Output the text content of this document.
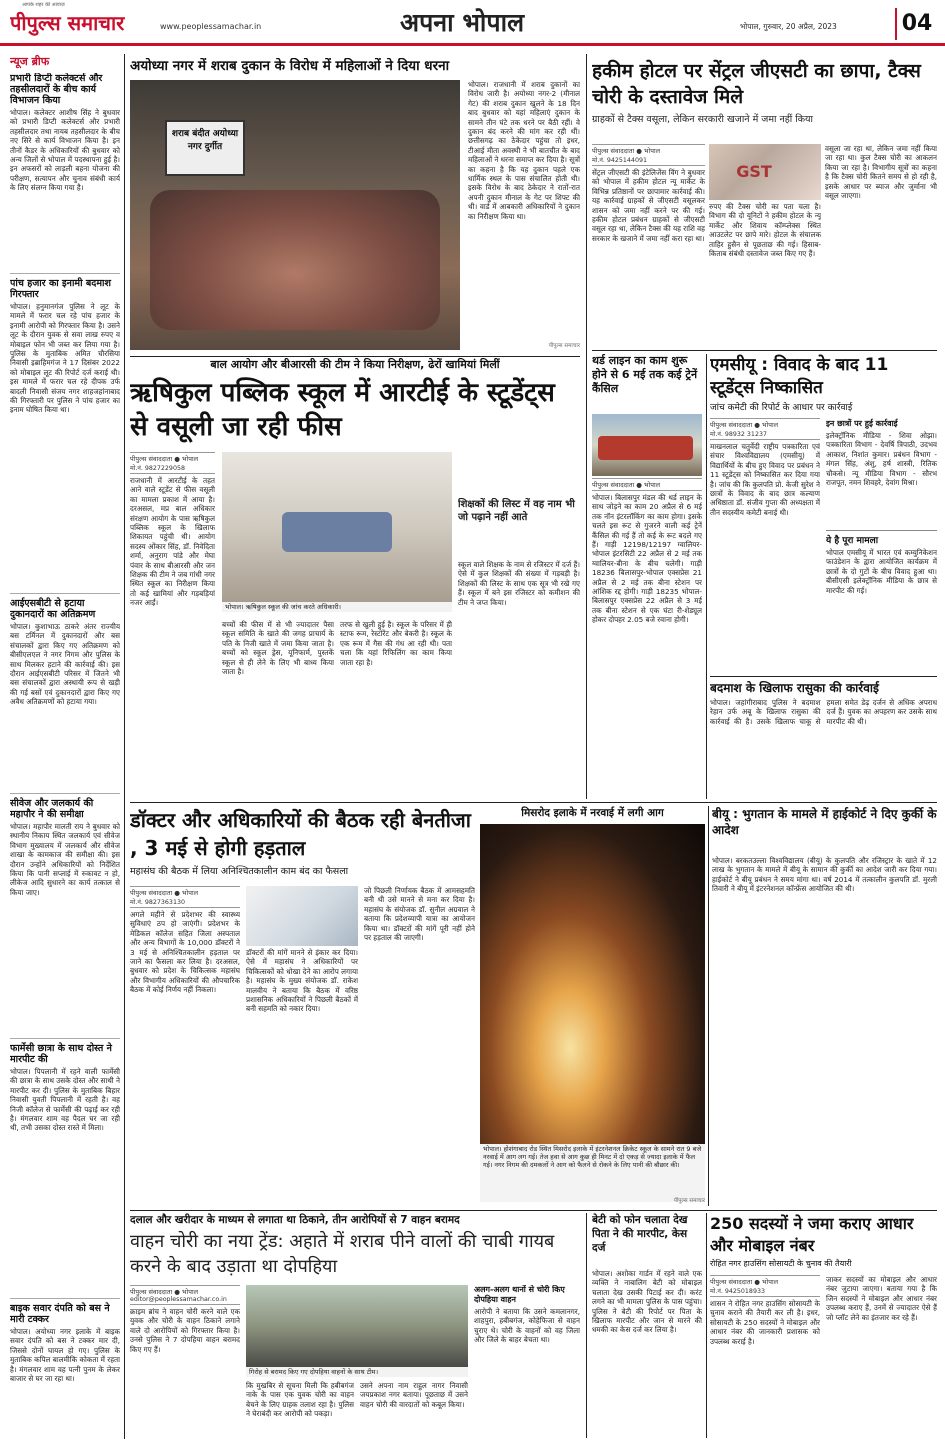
आपके शहर की आवाज़
पीपुल्स समाचार	www.peoplessamachar.in	अपना भोपाल	भोपाल, गुरुवार, 20 अप्रैल, 2023	04
न्यूज ब्रीफ
प्रभारी डिप्टी कलेक्टर्स और तहसीलदारों के बीच कार्य विभाजन किया
भोपाल। कलेक्टर आशीष सिंह ने बुधवार को प्रभारी डिप्टी कलेक्टर्स और प्रभारी तहसीलदार तथा नायब तहसीलदार के बीच नए सिरे से कार्य विभाजन किया है। इन तीनों कैडर के अधिकारियों की बुधवार को अन्य जिलों से भोपाल में पदस्थापना हुई है। इन अफसरों को लाड़ली बहना योजना की परीक्षण, सत्यापन और चुनाव संबंधी कार्य के लिए संलग्न किया गया है।
पांच हजार का इनामी बदमाश गिरफ्तार
भोपाल। हनुमानगंज पुलिस ने लूट के मामले में फरार चल रहे पांच हजार के इनामी आरोपी को गिरफ्तार किया है। उसने लूट के दौरान युवक से सवा लाख रुपए व मोबाइल फोन भी जब्त कर लिया गया है। पुलिस के मुताबिक अमित चौरसिया निवासी इब्राहिमगंज ने 17 दिसंबर 2022 को मोबाइल लूट की रिपोर्ट दर्ज कराई थी। इस मामले में फरार चल रहे दीपक उर्फ बादली निवासी संजय नगर शाहजहांनाबाद की गिरफ्तारी पर पुलिस ने पांच हजार का इनाम घोषित किया था।
आईएसबीटी से हटाया दुकानदारों का अतिक्रमण
भोपाल। कुशाभाऊ ठाकरे अंतर राज्यीय बस टर्मिनल में दुकानदारों और बस संचालकों द्वारा किए गए अतिक्रमण को बीसीएलएल ने नगर निगम और पुलिस के साथ मिलकर हटाने की कार्रवाई की। इस दौरान आईएसबीटी परिसर में जितने भी बस संचालकों द्वारा अस्थायी रूप से खड़ी की गई बसों एवं दुकानदारों द्वारा किए गए अवैध अतिक्रमणों को हटाया गया।
सीवेज और जलकार्य की महापौर ने की समीक्षा
भोपाल। महापौर मालती राय ने बुधवार को स्थानीय निकाय स्थित जलकार्य एवं सीवेज विभाग मुख्यालय में जलकार्य और सीवेज शाखा के कामकाज की समीक्षा की। इस दौरान उन्होंने अधिकारियों को निर्देशित किया कि पानी सप्लाई में रुकावट न हो, लीकेज आदि सुधारने का कार्य तत्काल से किया जाए।
फार्मेसी छात्रा के साथ दोस्त ने मारपीट की
भोपाल। पिपलानी में रहने वाली फार्मेसी की छात्रा के साथ उसके दोस्त और साथी ने मारपीट कर दी। पुलिस के मुताबिक बिहार निवासी युवती पिपलानी में रहती है। वह निजी कॉलेज से फार्मेसी की पढ़ाई कर रही है। मंगलवार शाम वह पैदल घर जा रही थी, तभी उसका दोस्त रास्ते में मिला।
बाइक सवार दंपति को बस ने मारी टक्कर
भोपाल। अयोध्या नगर इलाके में बाइक सवार दंपति को बस ने टक्कर मार दी, जिससे दोनों घायल हो गए। पुलिस के मुताबिक कपिल बालमीकि कोकता में रहता है। मंगलवार शाम वह पत्नी पुनम के लेकर बाजार से घर जा रहा था।
अयोध्या नगर में शराब दुकान के विरोध में महिलाओं ने दिया धरना
शराब बंदीत अयोध्या नगर दुर्गीत
भोपाल। राजधानी में शराब दुकानों का विरोध जारी है। अयोध्या नगर-2 (मीनाल गेट) की शराब दुकान खुलने के 18 दिन बाद बुधवार को यहां महिलाएं दुकान के सामने तीन घंटे तक धरने पर बैठी रहीं। वे दुकान बंद करने की मांग कर रही थीं। छत्तीसगढ़ का ठेकेदार पहुंचा तो इधर, टीआई मीता अवस्थी ने भी बातचीत के बाद महिलाओं ने धरना समाप्त कर दिया है। सूत्रों का कहना है कि यह दुकान पहले एक धार्मिक स्थल के पास संचालित होती थी। इसके विरोध के बाद ठेकेदार ने रातों-रात अपनी दुकान मीनाल के गेट पर शिफ्ट की थी। वार्ड में आबकारी अधिकारियों ने दुकान का निरीक्षण किया था।
पीपुल्स समाचार
हकीम होटल पर सेंट्रल जीएसटी का छापा, टैक्स चोरी के दस्तावेज मिले
ग्राहकों से टैक्स वसूला, लेकिन सरकारी खजाने में जमा नहीं किया
पीपुल्स संवाददाता ● भोपाल
मो.नं. 9425144091
सेंट्रल जीएसटी की इंटेलिजेंस विंग ने बुधवार को भोपाल में हकीम होटल न्यू मार्केट के विभिन्न प्रतिष्ठानों पर छापामार कार्रवाई की। यह कार्रवाई ग्राहकों से जीएसटी वसूलकर शासन को जमा नहीं करने पर की गई। हकीम होटल प्रबंधन ग्राहकों से जीएसटी वसूल रहा था, लेकिन टैक्स की यह राशि वह सरकार के खजाने में जमा नहीं करा रहा था।
GST
रुपए की टैक्स चोरी का पता चला है। विभाग की दो यूनिटों ने हकीम होटल के न्यू मार्केट और शिवाय कॉम्प्लेक्स स्थित आउटलेट पर छापे मारे। होटल के संचालक ताहिर हुसैन से पूछताछ की गई। हिसाब-किताब संबंधी दस्तावेज जब्त किए गए हैं।
वसूला जा रहा था, लेकिन जमा नहीं किया जा रहा था। कुल टैक्स चोरी का आकलन किया जा रहा है। विभागीय सूत्रों का कहना है कि टैक्स चोरी कितने समय से हो रही है, इसके आधार पर ब्याज और जुर्माना भी वसूल जाएगा।
बाल आयोग और बीआरसी की टीम ने किया निरीक्षण, ढेरों खामियां मिलीं
ऋषिकुल पब्लिक स्कूल में आरटीई के स्टूडेंट्स से वसूली जा रही फीस
पीपुल्स संवाददाता ● भोपाल
मो.नं. 9827229058
राजधानी में आरटीई के तहत आने वाले स्टूडेंट से फीस वसूली का मामला प्रकाश में आया है। दरअसल, मप्र बाल अधिकार संरक्षण आयोग के पास ऋषिकुल पब्लिक स्कूल के खिलाफ शिकायत पहुंची थी। आयोग सदस्य ओंकार सिंह, डॉ. निवेदिता शर्मा, अनुराग पांडे और मेघा पंवार के साथ बीआरसी और जन शिक्षक की टीम ने जब गांधी नगर स्थित स्कूल का निरीक्षण किया तो कई खामियां और गड़बड़ियां नजर आईं।	भोपाल। ऋषिकुल स्कूल की जांच करते अधिकारी।
शिक्षकों की लिस्ट में वह नाम भी जो पढ़ाने नहीं आते
स्कूल वाले शिक्षक के नाम से रजिस्टर में दर्ज हैं। ऐसे में कुल शिक्षकों की संख्या में गड़बड़ी है। शिक्षकों की लिस्ट के साथ एक सूत्र भी रखे गए हैं। स्कूल में बने इस रजिस्टर को कमीशन की टीम ने जप्त किया।
बच्चों की फीस में से भी ज्यादातर पैसा स्कूल समिति के खाते की जगह प्राचार्य के पति के निजी खाते में जमा किया जाता है। बच्चों को स्कूल ड्रेस, यूनिफार्म, पुस्तकें स्कूल से ही लेने के लिए भी बाध्य किया जाता है।
तरफ से खुली हुई है। स्कूल के परिसर में ही स्टाफ रूम, रेस्टोरेंट और बेकरी है। स्कूल के एक रूम में गैस की गंध आ रही थी। पता चला कि यहां रिफिलिंग का काम किया जाता रहा है।
थर्ड लाइन का काम शुरू होने से 6 मई तक कई ट्रेनें कैंसिल
पीपुल्स संवाददाता ● भोपाल
भोपाल। बिलासपुर मंडल की थर्ड लाइन के साथ जोड़ने का काम 20 अप्रैल से 6 मई तक नॉन इंटरलॉकिंग का काम होगा। इसके चलते इस रूट से गुजरने वाली कई ट्रेनें कैंसिल की गई हैं तो कई के रूट बदले गए हैं। गाड़ी 12198/12197 ग्वालियर-भोपाल इंटरसिटी 22 अप्रैल से 2 मई तक ग्वालियर-बीना के बीच चलेगी। गाड़ी 18236 बिलासपुर-भोपाल एक्सप्रेस 21 अप्रैल से 2 मई तक बीना स्टेशन पर आंशिक रद्द होगी। गाड़ी 18235 भोपाल-बिलासपुर एक्सप्रेस 22 अप्रैल से 3 मई तक बीना स्टेशन से एक घंटा री-शेड्यूल होकर दोपहर 2.05 बजे रवाना होगी।
एमसीयू : विवाद के बाद 11 स्टूडेंट्स निष्कासित
जांच कमेटी की रिपोर्ट के आधार पर कार्रवाई
पीपुल्स संवाददाता ● भोपाल
मो.नं. 98932 31237
माखनलाल चतुर्वेदी राष्ट्रीय पत्रकारिता एवं संचार विश्वविद्यालय (एमसीयू) में विद्यार्थियों के बीच हुए विवाद पर प्रबंधन ने 11 स्टूडेंट्स को निष्कासित कर दिया गया है। जांच की कि कुलपति प्रो. केजी सुरेश ने छात्रों के विवाद के बाद छात्र कल्याण अधिष्ठाता डॉ. संजीव गुप्ता की अध्यक्षता में तीन सदस्यीय कमेटी बनाई थी।
इन छात्रों पर हुई कार्रवाई
इलेक्ट्रॉनिक मीडिया - शिवा ओझा। पत्रकारिता विभाग - देवर्षि त्रिपाठी, उदभव आकाश, निशांत कुमार। प्रबंधन विभाग - मंगल सिंह, अंशु, हर्ष शास्त्री, रितिक चौकसे। न्यू मीडिया विभाग - सौरभ राजपूत, नमन शिवहरे, देवांग मिश्रा।
ये है पूरा मामला
भोपाल एमसीयू में भारत एवं कम्युनिकेशन फाउंडेशन के द्वारा आयोजित कार्यक्रम में छात्रों के दो गुटों के बीच विवाद हुआ था। बीसीएसी इलेक्ट्रॉनिक मीडिया के छात्र से मारपीट की गई।
बदमाश के खिलाफ रासुका की कार्रवाई
भोपाल। जहांगीराबाद पुलिस ने बदमाश रेहान उर्फ अबू के खिलाफ रासुका की कार्रवाई की है। उसके खिलाफ चाकू से हमला समेत डेढ़ दर्जन से अधिक अपराध दर्ज हैं। युवक का अपहरण कर उसके साथ मारपीट की थी।
डॉक्टर और अधिकारियों की बैठक रही बेनतीजा , 3 मई से होगी हड़ताल
महासंघ की बैठक में लिया अनिश्चितकालीन काम बंद का फैसला
पीपुल्स संवाददाता ● भोपाल
मो.नं. 9827363130
अगले महीने से प्रदेशभर की स्वास्थ्य सुविधाएं ठप हो जाएंगी। प्रदेशभर के मेडिकल कॉलेज सहित जिला अस्पताल और अन्य विभागों के 10,000 डॉक्टरों ने 3 मई से अनिश्चितकालीन हड़ताल पर जाने का फैसला कर लिया है। दरअसल, बुधवार को प्रदेश के चिकित्सक महासंघ और विभागीय अधिकारियों की औपचारिक बैठक में कोई निर्णय नहीं निकला।
डॉक्टरों की मांगें मानने से इंकार कर दिया। ऐसे में महासंघ ने अधिकारियों पर चिकित्सकों को धोखा देने का आरोप लगाया है। महासंघ के मुख्य संयोजक डॉ. राकेश मालवीय ने बताया कि बैठक में वरिष्ठ प्रशासनिक अधिकारियों ने पिछली बैठकों में बनी सहमति को नकार दिया।
जो पिछली निर्णायक बैठक में आमसहमति बनी थी उसे मानने से मना कर दिया है। महासंघ के संयोजक डॉ. सुनील अग्रवाल ने बताया कि प्रदेशव्यापी यात्रा का आयोजन किया था। डॉक्टरों की मांगें पूरी नहीं होने पर हड़ताल की जाएगी।
मिसरोद इलाके में नरवाई में लगी आग
भोपाल। होशंगाबाद रोड स्थित मिसरोद इलाके में इंटरनेशनल क्रिकेट स्कूल के सामने रात 9 बजे नरवाई में आग लग गई। तेज हवा से आग कुछ ही मिनट में दो एकड़ से ज्यादा इलाके में फैल गई। नगर निगम की दमकलों ने आग को फैलने से रोकने के लिए पानी की बौछार की।
पीपुल्स समाचार
बीयू : भुगतान के मामले में हाईकोर्ट ने दिए कुर्की के आदेश
भोपाल। बरकतउल्ला विश्वविद्यालय (बीयू) के कुलपति और रजिस्ट्रार के खाते में 12 लाख के भुगतान के मामले में बीयू के सामान की कुर्की का आदेश जारी कर दिया गया। हाईकोर्ट ने बीयू प्रबंधन ने समय मांगा था। वर्ष 2014 में तत्कालीन कुलपति डॉ. मुरली तिवारी ने बीयू में इंटरनेशनल कॉन्फ्रेंस आयोजित की थी।
दलाल और खरीदार के माध्यम से लगाता था ठिकाने, तीन आरोपियों से 7 वाहन बरामद
वाहन चोरी का नया ट्रेंड: अहाते में शराब पीने वालों की चाबी गायब करने के बाद उड़ाता था दोपहिया
पीपुल्स संवाददाता ● भोपाल
editor@peoplessamachar.co.in
क्राइम ब्रांच ने वाहन चोरी करने वाले एक युवक और चोरी के वाहन ठिकाने लगाने वाले दो आरोपियों को गिरफ्तार किया है। उनसे पुलिस ने 7 दोपहिया वाहन बरामद किए गए हैं।
गिरोह से बरामद किए गए दोपहिया वाहनों के साथ टीम।
कि मुखबिर से सूचना मिली कि हबीबगंज नाके के पास एक युवक चोरी का वाहन बेचने के लिए ग्राहक तलाश रहा है। पुलिस ने घेराबंदी कर आरोपी को पकड़ा।
उसने अपना नाम राहुल नागर निवासी जयप्रकाश नगर बताया। पूछताछ में उसने वाहन चोरी की वारदातों को कबूल किया।
अलग-अलग थानों से चोरी किए दोपहिया वाहन
आरोपी ने बताया कि उसने कमलानगर, शाहपुरा, हबीबगंज, कोहेफिजा से वाहन चुराए थे। चोरी के वाहनों को वह जिला और जिले के बाहर बेचता था।
बेटी को फोन चलाता देख पिता ने की मारपीट, केस दर्ज
भोपाल। अशोका गार्डन में रहने वाले एक व्यक्ति ने नाबालिग बेटी को मोबाइल चलाता देख उसकी पिटाई कर दी। करंट लगने का भी मामला पुलिस के पास पहुंचा। पुलिस ने बेटी की रिपोर्ट पर पिता के खिलाफ मारपीट और जान से मारने की धमकी का केस दर्ज कर लिया है।
250 सदस्यों ने जमा कराए आधार और मोबाइल नंबर
रोहित नगर हाउसिंग सोसायटी के चुनाव की तैयारी
पीपुल्स संवाददाता ● भोपाल
मो.नं. 9425018933
शासन ने रोहित नगर हाउसिंग सोसायटी के चुनाव कराने की तैयारी कर ली है। इधर, सोसायटी के 250 सदस्यों ने मोबाइल और आधार नंबर की जानकारी प्रशासक को उपलब्ध कराई है।
जाकर सदस्यों का मोबाइल और आधार नंबर जुटाया जाएगा। बताया गया है कि जिन सदस्यों ने मोबाइल और आधार नंबर उपलब्ध कराए हैं, उनमें से ज्यादातर ऐसे हैं जो प्लॉट लेने का इंतजार कर रहे हैं।
